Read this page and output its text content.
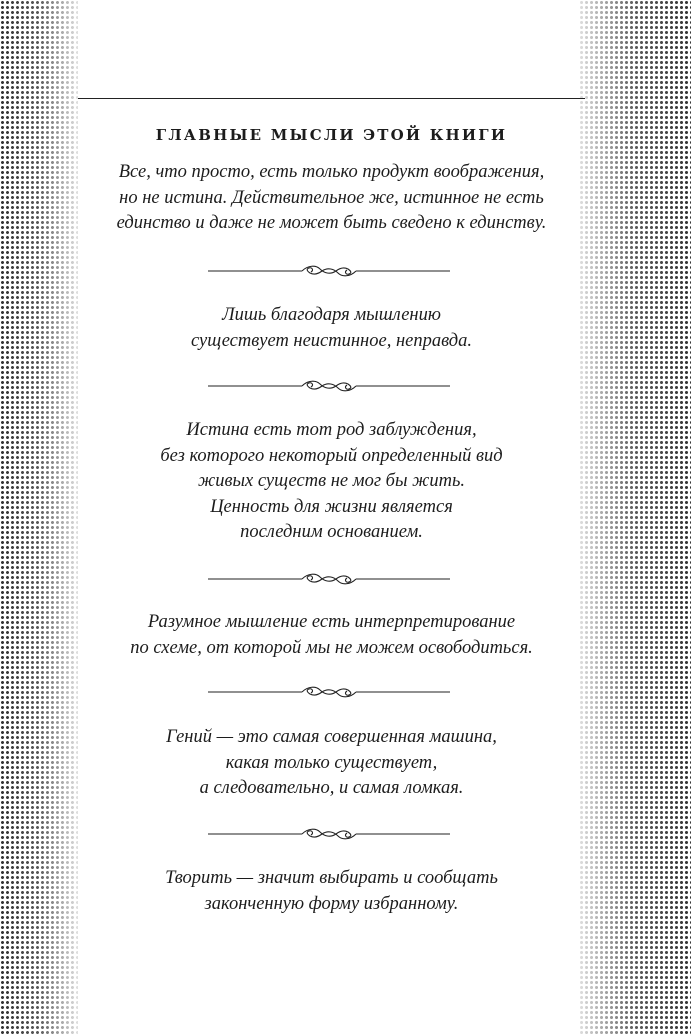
ГЛАВНЫЕ МЫСЛИ ЭТОЙ КНИГИ

Все, что просто, есть только продукт воображения,
но не истина. Действительное же, истинное не есть
единство и даже не может быть сведено к единству.

Лишь благодаря мышлению
существует неистинное, неправда.

Истина есть тот род заблуждения,
без которого некоторый определенный вид
живых существ не мог бы жить.
Ценность для жизни является
последним основанием.

Разумное мышление есть интерпретирование
по схеме, от которой мы не можем освободиться.

Гений — это самая совершенная машина,
какая только существует,
а следовательно, и самая ломкая.

Творить — значит выбирать и сообщать
законченную форму избранному.
